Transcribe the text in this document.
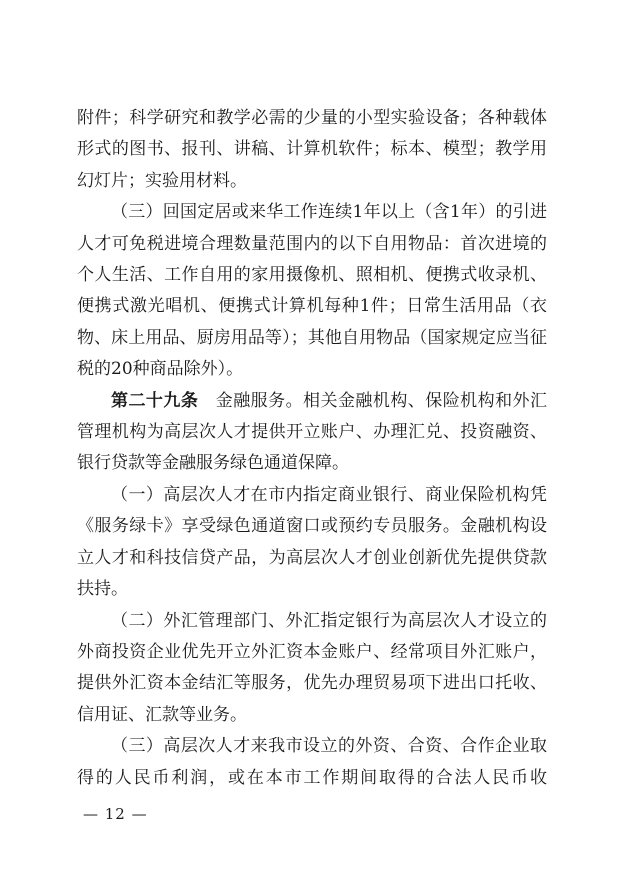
附件；科学研究和教学必需的少量的小型实验设备；各种载体形式的图书、报刊、讲稿、计算机软件；标本、模型；教学用幻灯片；实验用材料。

（三）回国定居或来华工作连续1年以上（含1年）的引进人才可免税进境合理数量范围内的以下自用物品：首次进境的个人生活、工作自用的家用摄像机、照相机、便携式收录机、便携式激光唱机、便携式计算机每种1件；日常生活用品（衣物、床上用品、厨房用品等）；其他自用物品（国家规定应当征税的20种商品除外）。

第二十九条　金融服务。相关金融机构、保险机构和外汇管理机构为高层次人才提供开立账户、办理汇兑、投资融资、银行贷款等金融服务绿色通道保障。

（一）高层次人才在市内指定商业银行、商业保险机构凭《服务绿卡》享受绿色通道窗口或预约专员服务。金融机构设立人才和科技信贷产品，为高层次人才创业创新优先提供贷款扶持。

（二）外汇管理部门、外汇指定银行为高层次人才设立的外商投资企业优先开立外汇资本金账户、经常项目外汇账户，提供外汇资本金结汇等服务，优先办理贸易项下进出口托收、信用证、汇款等业务。

（三）高层次人才来我市设立的外资、合资、合作企业取得的人民币利润，或在本市工作期间取得的合法人民币收

— 12 —
